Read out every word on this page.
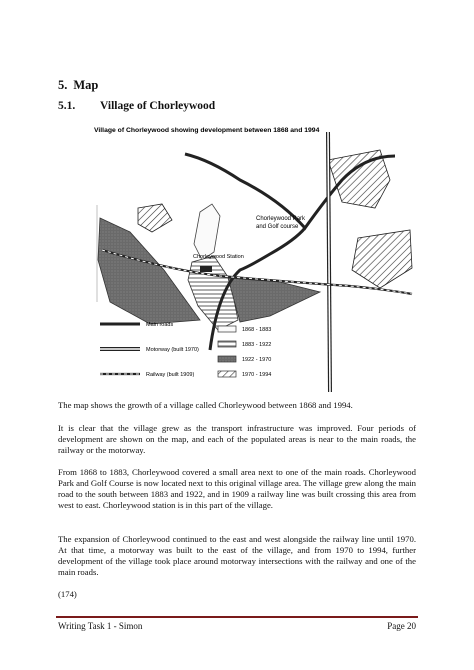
5. Map
5.1.	Village of Chorleywood
Village of Chorleywood showing development between 1868 and 1994
Chorleywood Station
Chorleywood Park
and Golf course
Main roads
Motorway (built 1970)
Railway (built 1909)
1868 - 1883
1883 - 1922
1922 - 1970
1970 - 1994

The map shows the growth of a village called Chorleywood between 1868 and 1994.

It is clear that the village grew as the transport infrastructure was improved. Four periods of development are shown on the map, and each of the populated areas is near to the main roads, the railway or the motorway.

From 1868 to 1883, Chorleywood covered a small area next to one of the main roads. Chorleywood Park and Golf Course is now located next to this original village area. The village grew along the main road to the south between 1883 and 1922, and in 1909 a railway line was built crossing this area from west to east. Chorleywood station is in this part of the village.

The expansion of Chorleywood continued to the east and west alongside the railway line until 1970. At that time, a motorway was built to the east of the village, and from 1970 to 1994, further development of the village took place around motorway intersections with the railway and one of the main roads.

(174)

Writing Task 1 - Simon	Page 20
